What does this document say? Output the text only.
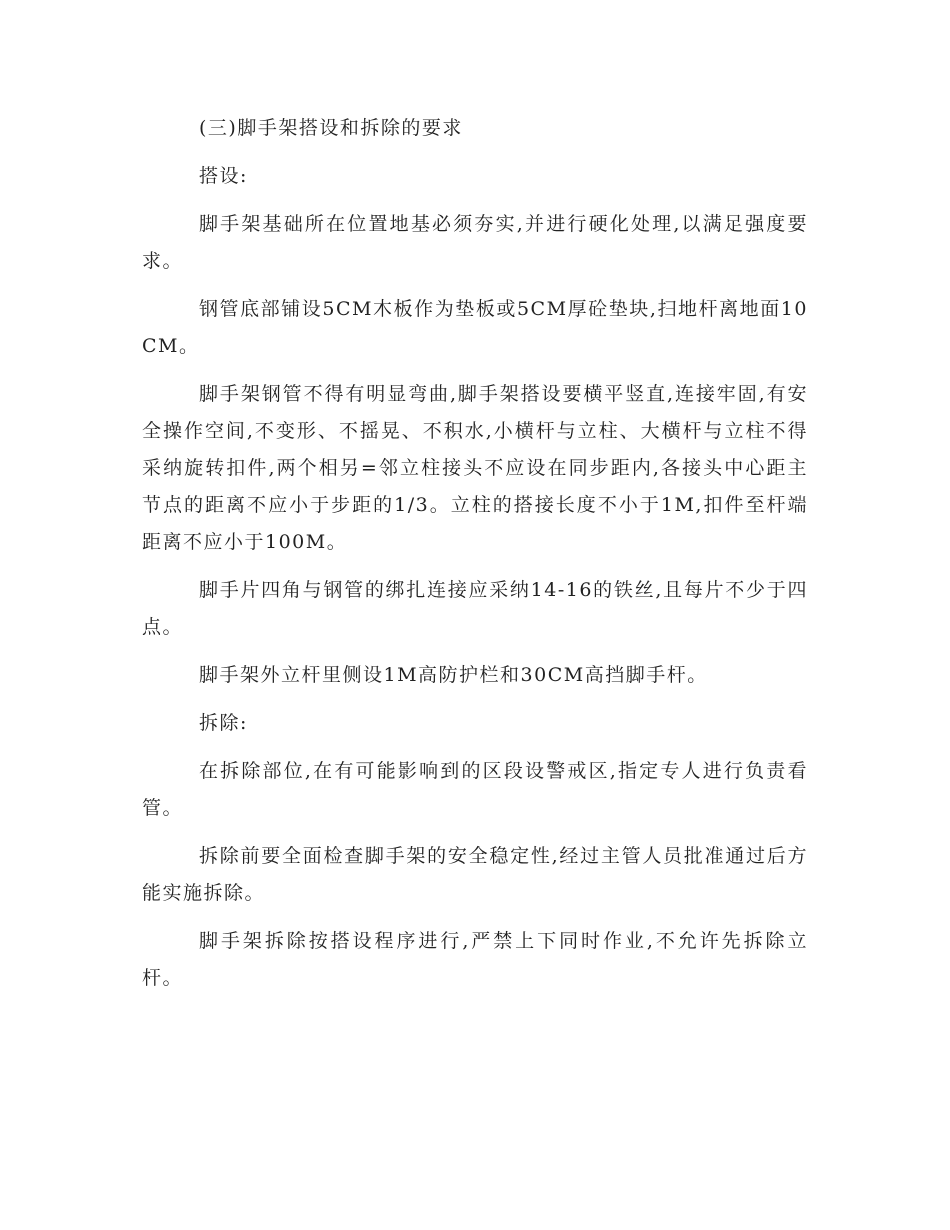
(三)脚手架搭设和拆除的要求

搭设:

脚手架基础所在位置地基必须夯实,并进行硬化处理,以满足强度要求。

钢管底部铺设5CM木板作为垫板或5CM厚砼垫块,扫地杆离地面10CM。

脚手架钢管不得有明显弯曲,脚手架搭设要横平竖直,连接牢固,有安全操作空间,不变形、不摇晃、不积水,小横杆与立柱、大横杆与立柱不得采纳旋转扣件,两个相另=邻立柱接头不应设在同步距内,各接头中心距主节点的距离不应小于步距的1/3。立柱的搭接长度不小于1M,扣件至杆端距离不应小于100M。

脚手片四角与钢管的绑扎连接应采纳14-16的铁丝,且每片不少于四点。

脚手架外立杆里侧设1M高防护栏和30CM高挡脚手杆。

拆除:

在拆除部位,在有可能影响到的区段设警戒区,指定专人进行负责看管。

拆除前要全面检查脚手架的安全稳定性,经过主管人员批准通过后方能实施拆除。

脚手架拆除按搭设程序进行,严禁上下同时作业,不允许先拆除立杆。
